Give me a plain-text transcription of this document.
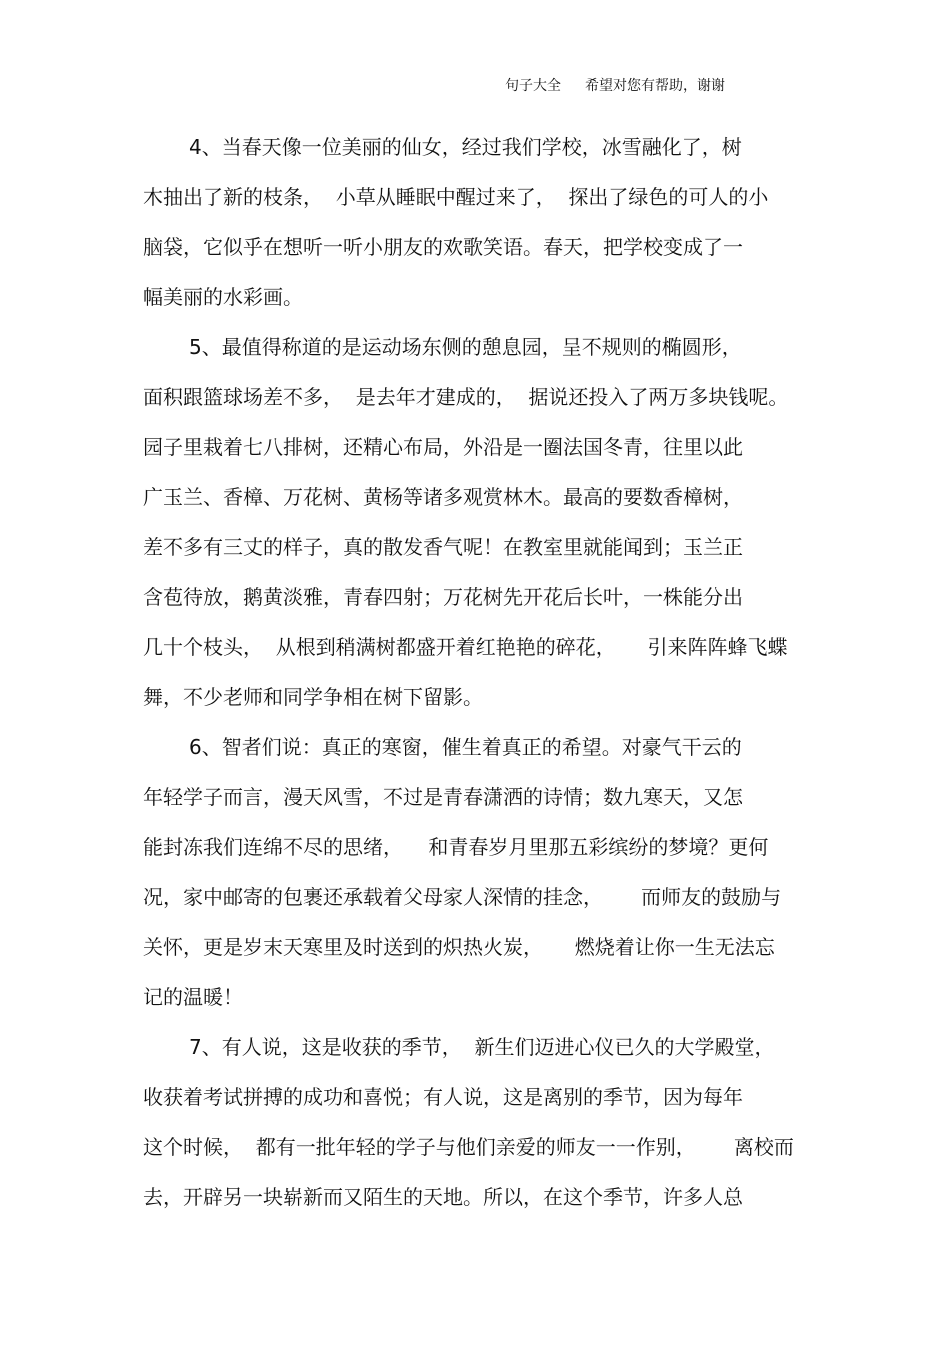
句子大全 希望对您有帮助，谢谢
4、当春天像一位美丽的仙女，经过我们学校，冰雪融化了，树
木抽出了新的枝条，  小草从睡眠中醒过来了，  探出了绿色的可人的小
脑袋，它似乎在想听一听小朋友的欢歌笑语。春天，把学校变成了一
幅美丽的水彩画。
5、最值得称道的是运动场东侧的憩息园，呈不规则的椭圆形，
面积跟篮球场差不多，  是去年才建成的，  据说还投入了两万多块钱呢。
园子里栽着七八排树，还精心布局，外沿是一圈法国冬青，往里以此
广玉兰、香樟、万花树、黄杨等诸多观赏林木。最高的要数香樟树，
差不多有三丈的样子，真的散发香气呢！在教室里就能闻到；玉兰正
含苞待放，鹅黄淡雅，青春四射；万花树先开花后长叶，一株能分出
几十个枝头，  从根到稍满树都盛开着红艳艳的碎花，     引来阵阵蜂飞蝶
舞，不少老师和同学争相在树下留影。
6、智者们说：真正的寒窗，催生着真正的希望。对豪气干云的
年轻学子而言，漫天风雪，不过是青春潇洒的诗情；数九寒天，又怎
能封冻我们连绵不尽的思绪，    和青春岁月里那五彩缤纷的梦境？更何
况，家中邮寄的包裹还承载着父母家人深情的挂念，      而师友的鼓励与
关怀，更是岁末天寒里及时送到的炽热火炭，     燃烧着让你一生无法忘
记的温暖！
7、有人说，这是收获的季节，  新生们迈进心仪已久的大学殿堂，
收获着考试拼搏的成功和喜悦；有人说，这是离别的季节，因为每年
这个时候，  都有一批年轻的学子与他们亲爱的师友一一作别，      离校而
去，开辟另一块崭新而又陌生的天地。所以，在这个季节，许多人总
